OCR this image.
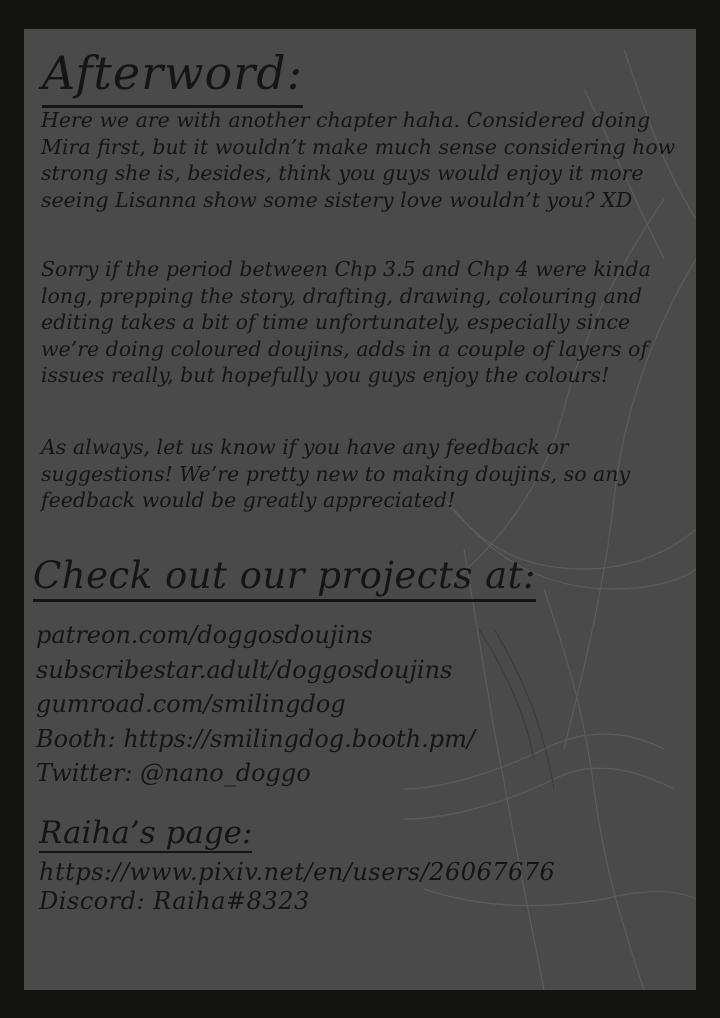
Afterword:

Here we are with another chapter haha. Considered doing Mira first, but it wouldn’t make much sense considering how strong she is, besides, think you guys would enjoy it more seeing Lisanna show some sistery love wouldn’t you? XD

Sorry if the period between Chp 3.5 and Chp 4 were kinda long, prepping the story, drafting, drawing, colouring and editing takes a bit of time unfortunately, especially since we’re doing coloured doujins, adds in a couple of layers of issues really, but hopefully you guys enjoy the colours!

As always, let us know if you have any feedback or suggestions! We’re pretty new to making doujins, so any feedback would be greatly appreciated!

Check out our projects at:
patreon.com/doggosdoujins
subscribestar.adult/doggosdoujins
gumroad.com/smilingdog
Booth: https://smilingdog.booth.pm/
Twitter: @nano_doggo
Raiha’s page:
https://www.pixiv.net/en/users/26067676
Discord: Raiha#8323
